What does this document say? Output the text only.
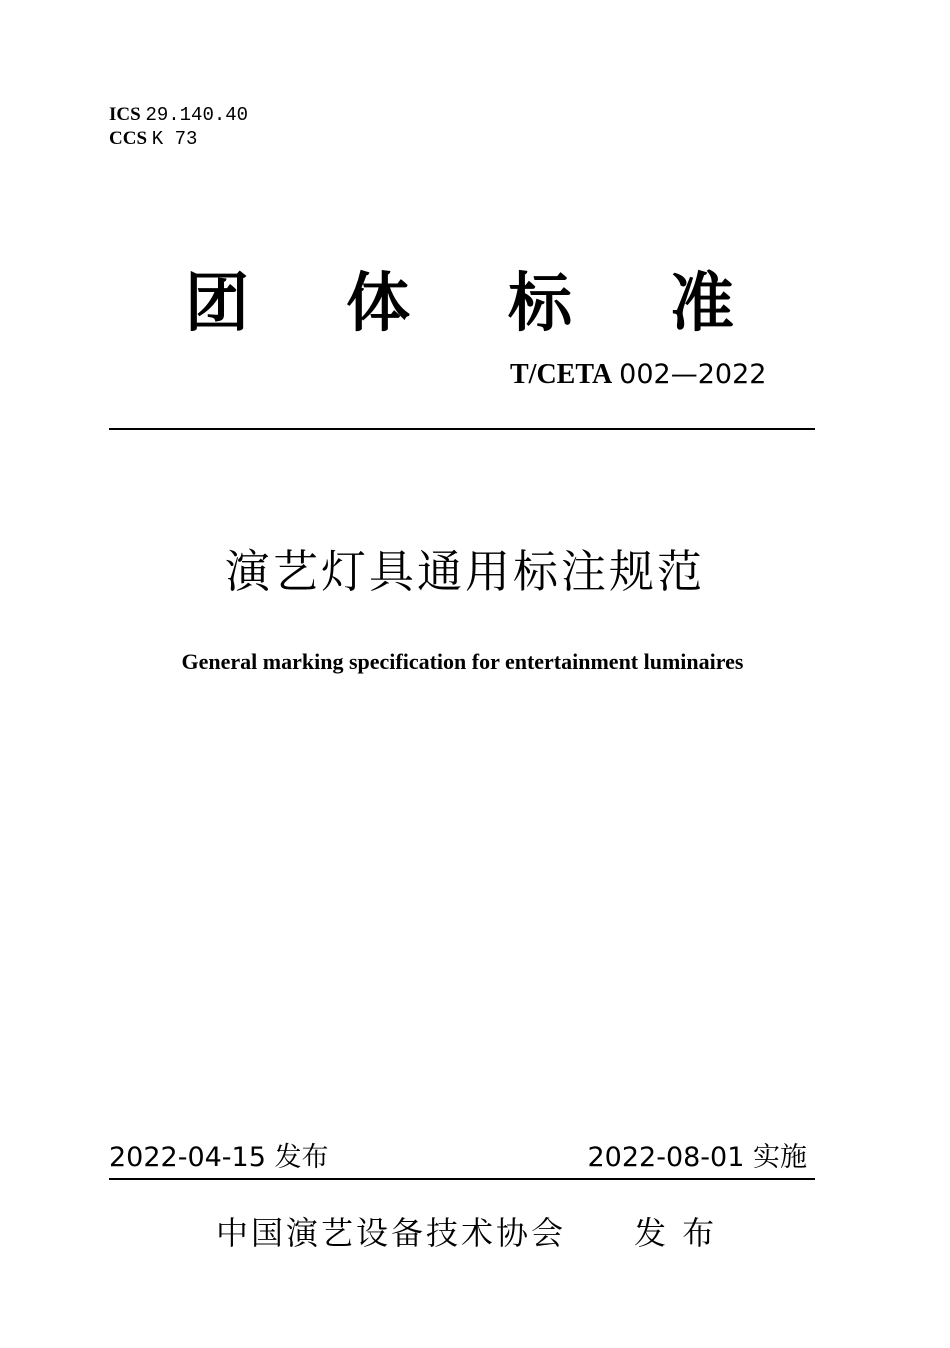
ICS 29.140.40
CCS K 73
团 体 标 准
T/CETA 002—2022
演艺灯具通用标注规范
General marking specification for entertainment luminaires
2022-04-15 发布	2022-08-01 实施
中国演艺设备技术协会 发 布
